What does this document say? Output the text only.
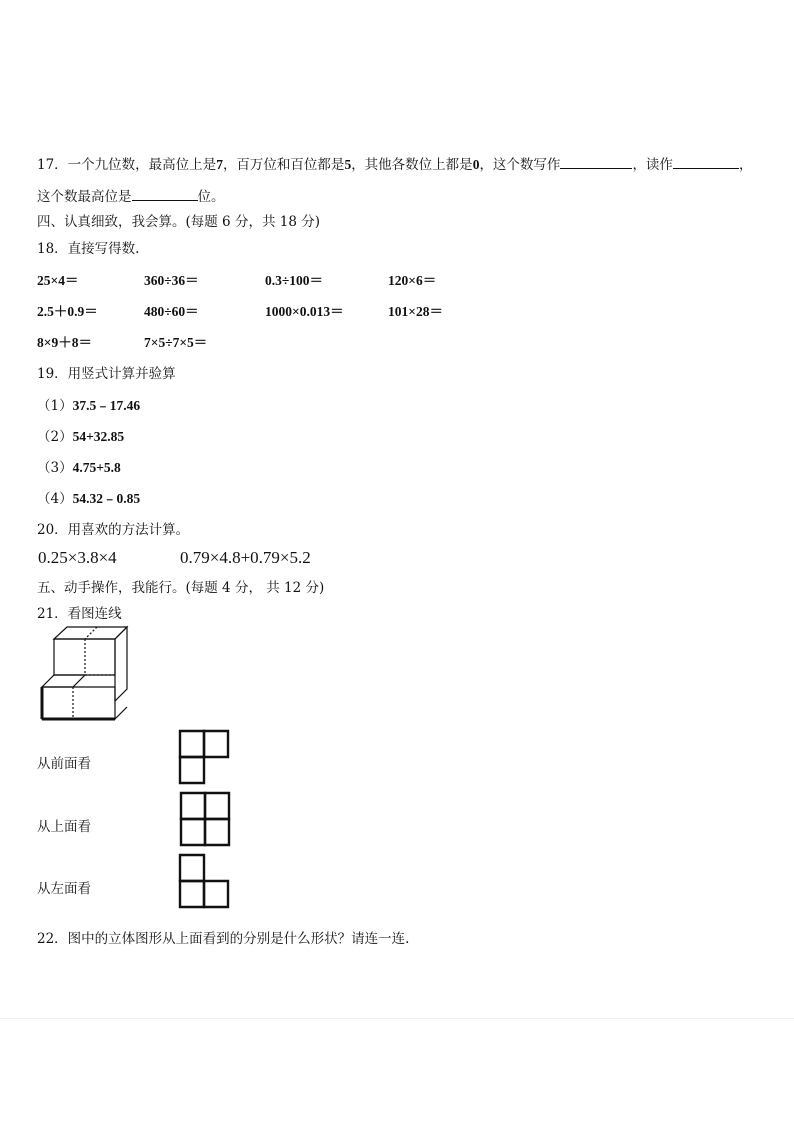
17．一个九位数，最高位上是7，百万位和百位都是5，其他各数位上都是0，这个数写作	，读作	，
这个数最高位是	位。
四、认真细致，我会算。(每题 6 分，共 18 分)
18．直接写得数.
25×4＝	360÷36＝	0.3÷100＝	120×6＝
2.5＋0.9＝	480÷60＝	1000×0.013＝	101×28＝
8×9＋8＝	7×5÷7×5＝
19．用竖式计算并验算
（1）37.5﹣17.46
（2）54+32.85
（3）4.75+5.8
（4）54.32﹣0.85
20．用喜欢的方法计算。
0.25×3.8×4	0.79×4.8+0.79×5.2
五、动手操作，我能行。(每题 4 分， 共 12 分)
21．看图连线
从前面看
从上面看
从左面看
22．图中的立体图形从上面看到的分别是什么形状？请连一连.
